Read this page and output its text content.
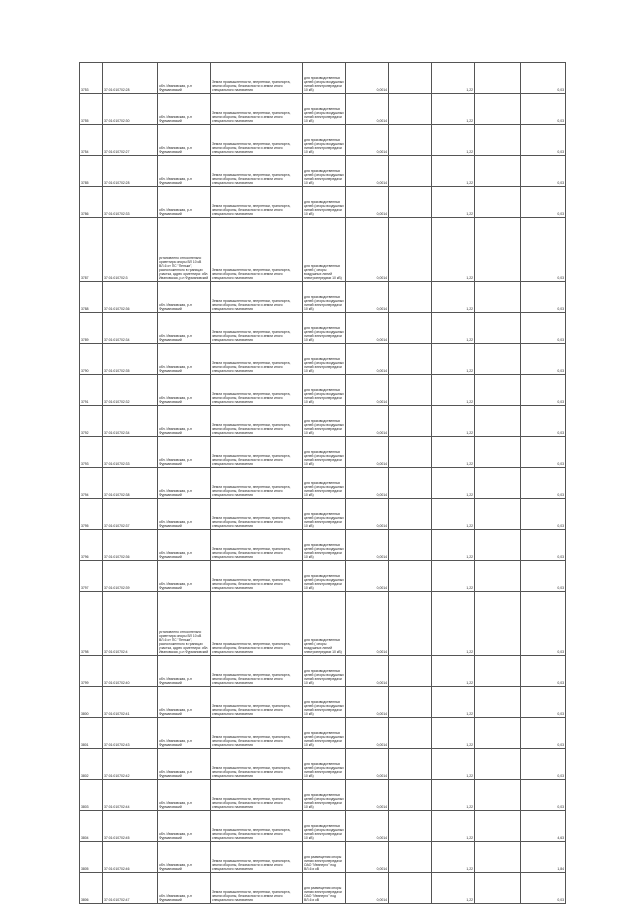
3753	37:01:010702:28	обл. Ивановская, р-н Фурмановский	Земли промышленности, энергетики, транспорта, земли обороны, безопасности и земли иного специального назначения	для производственных целей (опоры воздушных линий электропередачи 10 кВ)	0,0014		1,22		0,03
3755	37:01:010702:30	обл. Ивановская, р-н Фурмановский	Земли промышленности, энергетики, транспорта, земли обороны, безопасности и земли иного специального назначения	для производственных целей (опоры воздушных линий электропередачи 10 кВ)	0,0014		1,22		0,03
3754	37:01:010702:27	обл. Ивановская, р-н Фурмановский	Земли промышленности, энергетики, транспорта, земли обороны, безопасности и земли иного специального назначения	для производственных целей (опоры воздушных линий электропередачи 10 кВ)	0,0014		1,22		0,03
3785	37:01:010702:28	обл. Ивановская, р-н Фурмановский	Земли промышленности, энергетики, транспорта, земли обороны, безопасности и земли иного специального назначения	для производственных целей (опоры воздушных линий электропередачи 10 кВ)	0,0014		1,22		0,03
3786	37:01:010702:33	обл. Ивановская, р-н Фурмановский	Земли промышленности, энергетики, транспорта, земли обороны, безопасности и земли иного специального назначения	для производственных целей (опоры воздушных линий электропередачи 10 кВ)	0,0014		1,22		0,03
3787	37:01:010702:3	установлено относительно ориентира опоры ВЛ 10 кВ ВЛ-6 от ПС "Пеньки", расположенного в границах участка, адрес ориентира: обл. Ивановская, р-н Фурмановский	Земли промышленности, энергетики, транспорта, земли обороны, безопасности и земли иного специального назначения	для производственных целей ( опоры воздушных линий электропередачи 10 кВ)	0,0014		1,22		0,03
3788	37:01:010702:36	обл. Ивановская, р-н Фурмановский	Земли промышленности, энергетики, транспорта, земли обороны, безопасности и земли иного специального назначения	для производственных целей (опоры воздушных линий электропередачи 10 кВ)	0,0014		1,22		0,03
3789	37:01:010702:34	обл. Ивановская, р-н Фурмановский	Земли промышленности, энергетики, транспорта, земли обороны, безопасности и земли иного специального назначения	для производственных целей (опоры воздушных линий электропередачи 10 кВ)	0,0014		1,22		0,03
3790	37:01:010702:35	обл. Ивановская, р-н Фурмановский	Земли промышленности, энергетики, транспорта, земли обороны, безопасности и земли иного специального назначения	для производственных целей (опоры воздушных линий электропередачи 10 кВ)	0,0014		1,22		0,03
3791	37:01:010702:32	обл. Ивановская, р-н Фурмановский	Земли промышленности, энергетики, транспорта, земли обороны, безопасности и земли иного специального назначения	для производственных целей (опоры воздушных линий электропередачи 10 кВ)	0,0014		1,22		0,03
3792	37:01:010702:34	обл. Ивановская, р-н Фурмановский	Земли промышленности, энергетики, транспорта, земли обороны, безопасности и земли иного специального назначения	для производственных целей (опоры воздушных линий электропередачи 10 кВ)	0,0014		1,22		0,03
3793	37:01:010702:33	обл. Ивановская, р-н Фурмановский	Земли промышленности, энергетики, транспорта, земли обороны, безопасности и земли иного специального назначения	для производственных целей (опоры воздушных линий электропередачи 10 кВ)	0,0014		1,22		0,03
3794	37:01:010702:38	обл. Ивановская, р-н Фурмановский	Земли промышленности, энергетики, транспорта, земли обороны, безопасности и земли иного специального назначения	для производственных целей (опоры воздушных линий электропередачи 10 кВ)	0,0014		1,22		0,03
3795	37:01:010702:37	обл. Ивановская, р-н Фурмановский	Земли промышленности, энергетики, транспорта, земли обороны, безопасности и земли иного специального назначения	для производственных целей (опоры воздушных линий электропередачи 10 кВ)	0,0014		1,22		0,03
3796	37:01:010702:36	обл. Ивановская, р-н Фурмановский	Земли промышленности, энергетики, транспорта, земли обороны, безопасности и земли иного специального назначения	для производственных целей (опоры воздушных линий электропередачи 10 кВ)	0,0014		1,22		0,03
3797	37:01:010702:39	обл. Ивановская, р-н Фурмановский	Земли промышленности, энергетики, транспорта, земли обороны, безопасности и земли иного специального назначения	для производственных целей (опоры воздушных линий электропередачи 10 кВ)	0,0014		1,22		0,03
3798	37:01:010702:4	установлено относительно ориентира опоры ВЛ 10 кВ ВЛ-6 от ПС "Пеньки", расположенного в границах участка, адрес ориентира: обл. Ивановская, р-н Фурмановский	Земли промышленности, энергетики, транспорта, земли обороны, безопасности и земли иного специального назначения	для производственных целей ( опоры воздушных линий электропередачи 10 кВ)	0,0014		1,22		0,03
3799	37:01:010702:40	обл. Ивановская, р-н Фурмановский	Земли промышленности, энергетики, транспорта, земли обороны, безопасности и земли иного специального назначения	для производственных целей (опоры воздушных линий электропередачи 10 кВ)	0,0014		1,22		0,03
3800	37:01:010702:41	обл. Ивановская, р-н Фурмановский	Земли промышленности, энергетики, транспорта, земли обороны, безопасности и земли иного специального назначения	для производственных целей (опоры воздушных линий электропередачи 10 кВ)	0,0014		1,22		0,03
3801	37:01:010702:43	обл. Ивановская, р-н Фурмановский	Земли промышленности, энергетики, транспорта, земли обороны, безопасности и земли иного специального назначения	для производственных целей (опоры воздушных линий электропередачи 10 кВ)	0,0014		1,22		0,03
3802	37:01:010702:42	обл. Ивановская, р-н Фурмановский	Земли промышленности, энергетики, транспорта, земли обороны, безопасности и земли иного специального назначения	для производственных целей (опоры воздушных линий электропередачи 10 кВ)	0,0014		1,22		0,03
3803	37:01:010702:44	обл. Ивановская, р-н Фурмановский	Земли промышленности, энергетики, транспорта, земли обороны, безопасности и земли иного специального назначения	для производственных целей (опоры воздушных линий электропередачи 10 кВ)	0,0014		1,22		0,03
3804	37:01:010702:45	обл. Ивановская, р-н Фурмановский	Земли промышленности, энергетики, транспорта, земли обороны, безопасности и земли иного специального назначения	для производственных целей (опоры воздушных линий электропередачи 10 кВ)	0,0014		1,22		4,63
3805	37:01:010702:46	обл. Ивановская, р-н Фурмановский	Земли промышленности, энергетики, транспорта, земли обороны, безопасности и земли иного специального назначения	для размещения опоры линии электропередачи ОАО "Ивэнерго" под ВЛ-6 и кВ	0,0014		1,22		1,84
3806	37:01:010702:47	обл. Ивановская, р-н Фурмановский	Земли промышленности, энергетики, транспорта, земли обороны, безопасности и земли иного специального назначения	для размещения опоры линии электропередачи ОАО "Ивэнерго" под ВЛ-6 и кВ	0,0014		1,22		0,03
